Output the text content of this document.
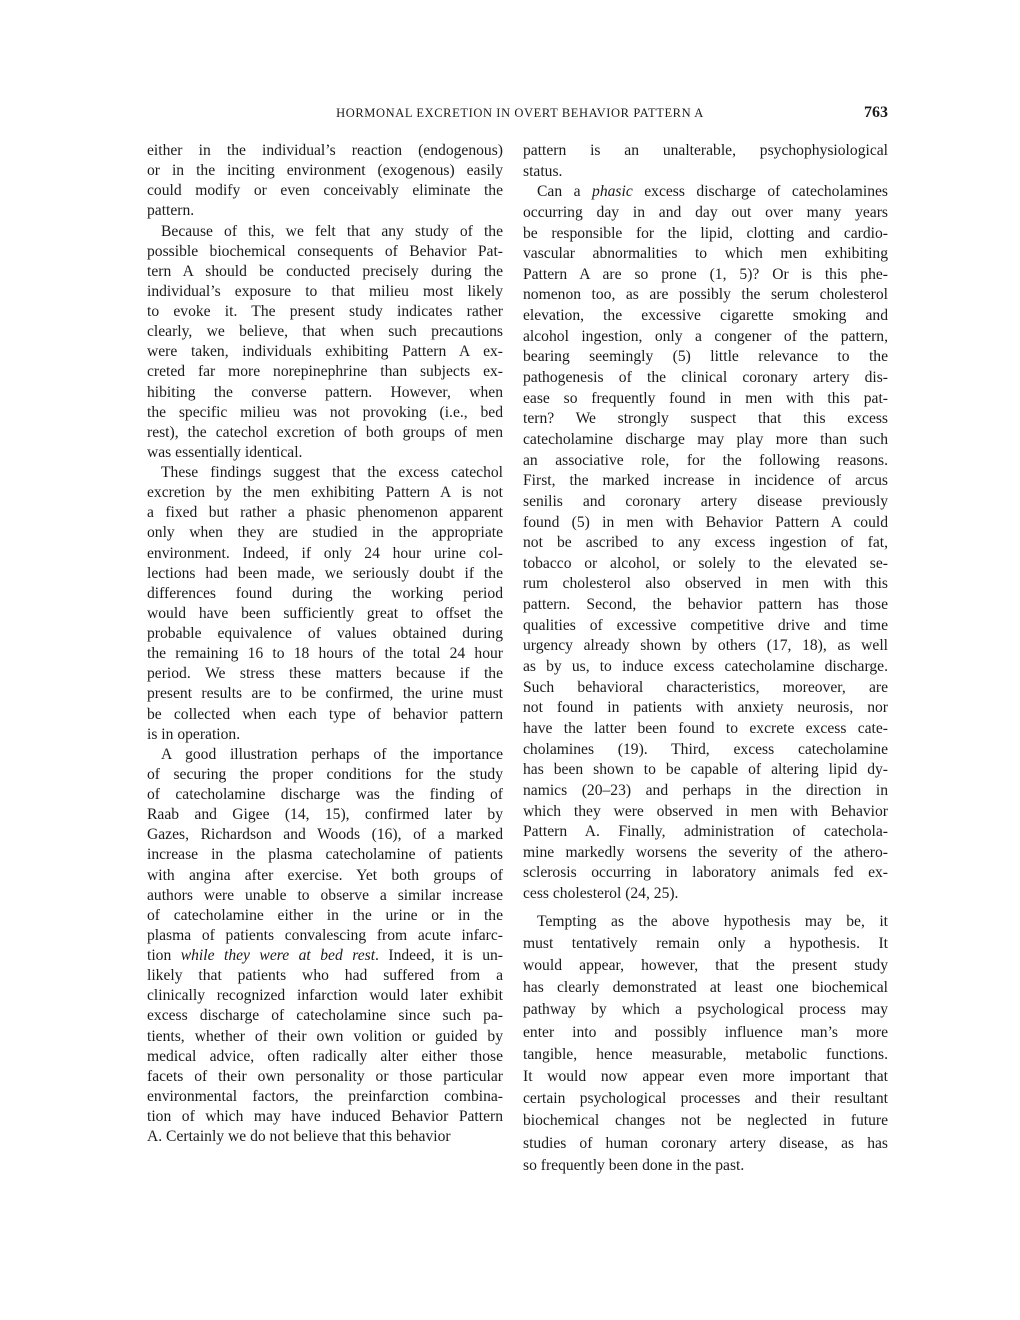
HORMONAL EXCRETION IN OVERT BEHAVIOR PATTERN A	763
either in the individual’s reaction (endogenous)
or in the inciting environment (exogenous) easily
could modify or even conceivably eliminate the
pattern.
Because of this, we felt that any study of the
possible biochemical consequents of Behavior Pat-
tern A should be conducted precisely during the
individual’s exposure to that milieu most likely
to evoke it. The present study indicates rather
clearly, we believe, that when such precautions
were taken, individuals exhibiting Pattern A ex-
creted far more norepinephrine than subjects ex-
hibiting the converse pattern. However, when
the specific milieu was not provoking (i.e., bed
rest), the catechol excretion of both groups of men
was essentially identical.
These findings suggest that the excess catechol
excretion by the men exhibiting Pattern A is not
a fixed but rather a phasic phenomenon apparent
only when they are studied in the appropriate
environment. Indeed, if only 24 hour urine col-
lections had been made, we seriously doubt if the
differences found during the working period
would have been sufficiently great to offset the
probable equivalence of values obtained during
the remaining 16 to 18 hours of the total 24 hour
period. We stress these matters because if the
present results are to be confirmed, the urine must
be collected when each type of behavior pattern
is in operation.
A good illustration perhaps of the importance
of securing the proper conditions for the study
of catecholamine discharge was the finding of
Raab and Gigee (14, 15), confirmed later by
Gazes, Richardson and Woods (16), of a marked
increase in the plasma catecholamine of patients
with angina after exercise. Yet both groups of
authors were unable to observe a similar increase
of catecholamine either in the urine or in the
plasma of patients convalescing from acute infarc-
tion while they were at bed rest. Indeed, it is un-
likely that patients who had suffered from a
clinically recognized infarction would later exhibit
excess discharge of catecholamine since such pa-
tients, whether of their own volition or guided by
medical advice, often radically alter either those
facets of their own personality or those particular
environmental factors, the preinfarction combina-
tion of which may have induced Behavior Pattern
A. Certainly we do not believe that this behavior
pattern is an unalterable, psychophysiological
status.
Can a phasic excess discharge of catecholamines
occurring day in and day out over many years
be responsible for the lipid, clotting and cardio-
vascular abnormalities to which men exhibiting
Pattern A are so prone (1, 5)? Or is this phe-
nomenon too, as are possibly the serum cholesterol
elevation, the excessive cigarette smoking and
alcohol ingestion, only a congener of the pattern,
bearing seemingly (5) little relevance to the
pathogenesis of the clinical coronary artery dis-
ease so frequently found in men with this pat-
tern? We strongly suspect that this excess
catecholamine discharge may play more than such
an associative role, for the following reasons.
First, the marked increase in incidence of arcus
senilis and coronary artery disease previously
found (5) in men with Behavior Pattern A could
not be ascribed to any excess ingestion of fat,
tobacco or alcohol, or solely to the elevated se-
rum cholesterol also observed in men with this
pattern. Second, the behavior pattern has those
qualities of excessive competitive drive and time
urgency already shown by others (17, 18), as well
as by us, to induce excess catecholamine discharge.
Such behavioral characteristics, moreover, are
not found in patients with anxiety neurosis, nor
have the latter been found to excrete excess cate-
cholamines (19). Third, excess catecholamine
has been shown to be capable of altering lipid dy-
namics (20–23) and perhaps in the direction in
which they were observed in men with Behavior
Pattern A. Finally, administration of catechola-
mine markedly worsens the severity of the athero-
sclerosis occurring in laboratory animals fed ex-
cess cholesterol (24, 25).
Tempting as the above hypothesis may be, it
must tentatively remain only a hypothesis. It
would appear, however, that the present study
has clearly demonstrated at least one biochemical
pathway by which a psychological process may
enter into and possibly influence man’s more
tangible, hence measurable, metabolic functions.
It would now appear even more important that
certain psychological processes and their resultant
biochemical changes not be neglected in future
studies of human coronary artery disease, as has
so frequently been done in the past.
